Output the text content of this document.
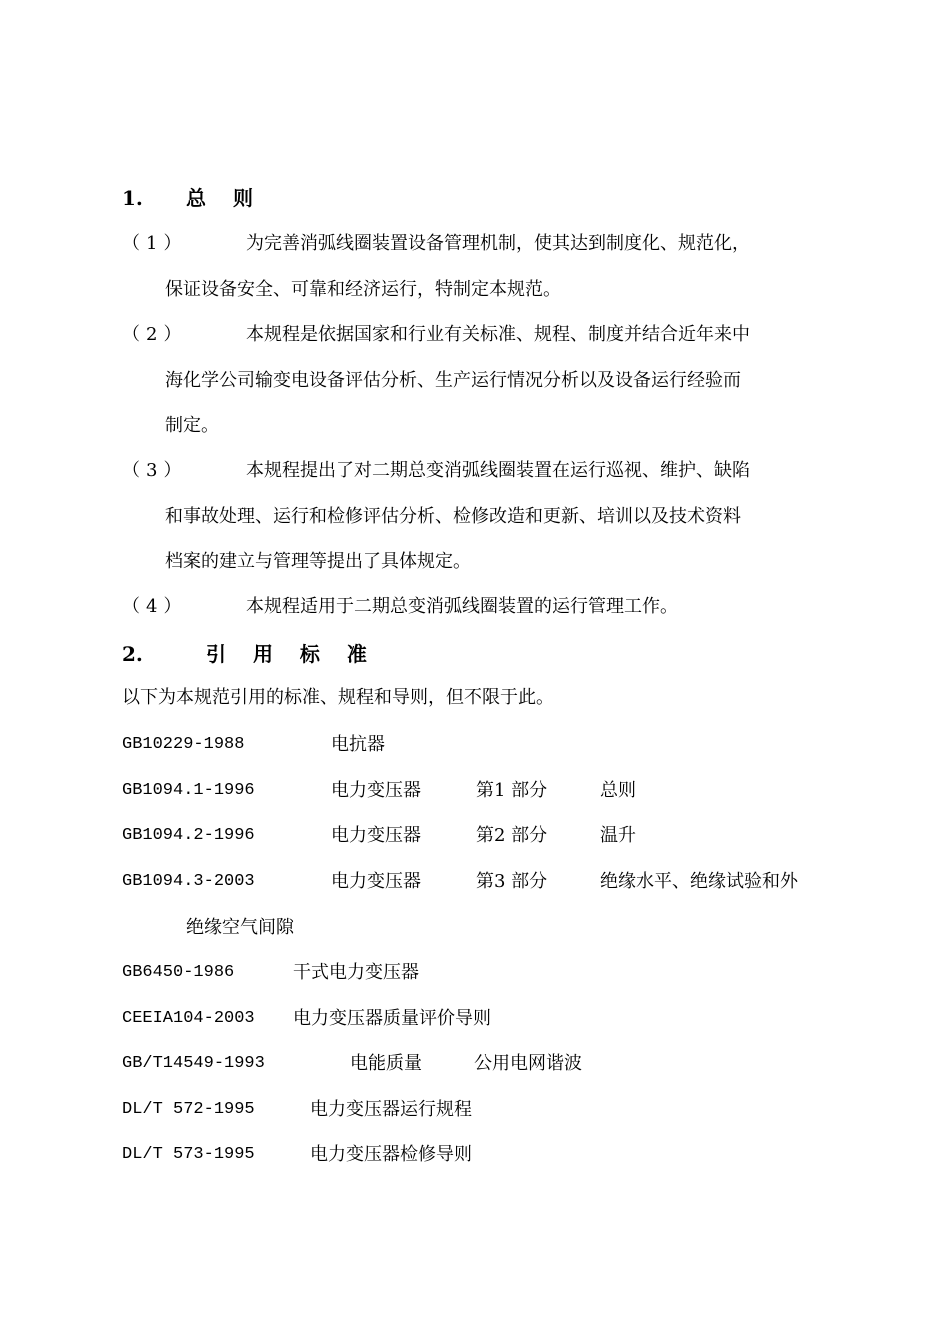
1. 总 则
（1）	为完善消弧线圈装置设备管理机制，使其达到制度化、规范化，
保证设备安全、可靠和经济运行，特制定本规范。
（2）	本规程是依据国家和行业有关标准、规程、制度并结合近年来中
海化学公司输变电设备评估分析、生产运行情况分析以及设备运行经验而
制定。
（3）	本规程提出了对二期总变消弧线圈装置在运行巡视、维护、缺陷
和事故处理、运行和检修评估分析、检修改造和更新、培训以及技术资料
档案的建立与管理等提出了具体规定。
（4）	本规程适用于二期总变消弧线圈装置的运行管理工作。
2.	引 用 标 准
以下为本规范引用的标准、规程和导则，但不限于此。
GB10229-1988	电抗器
GB1094.1-1996	电力变压器	第1 部分	总则
GB1094.2-1996	电力变压器	第2 部分	温升
GB1094.3-2003	电力变压器	第3 部分	绝缘水平、绝缘试验和外
绝缘空气间隙
GB6450-1986	干式电力变压器
CEEIA104-2003 电力变压器质量评价导则
GB/T14549-1993	电能质量	公用电网谐波
DL/T 572-1995	电力变压器运行规程
DL/T 573-1995	电力变压器检修导则
